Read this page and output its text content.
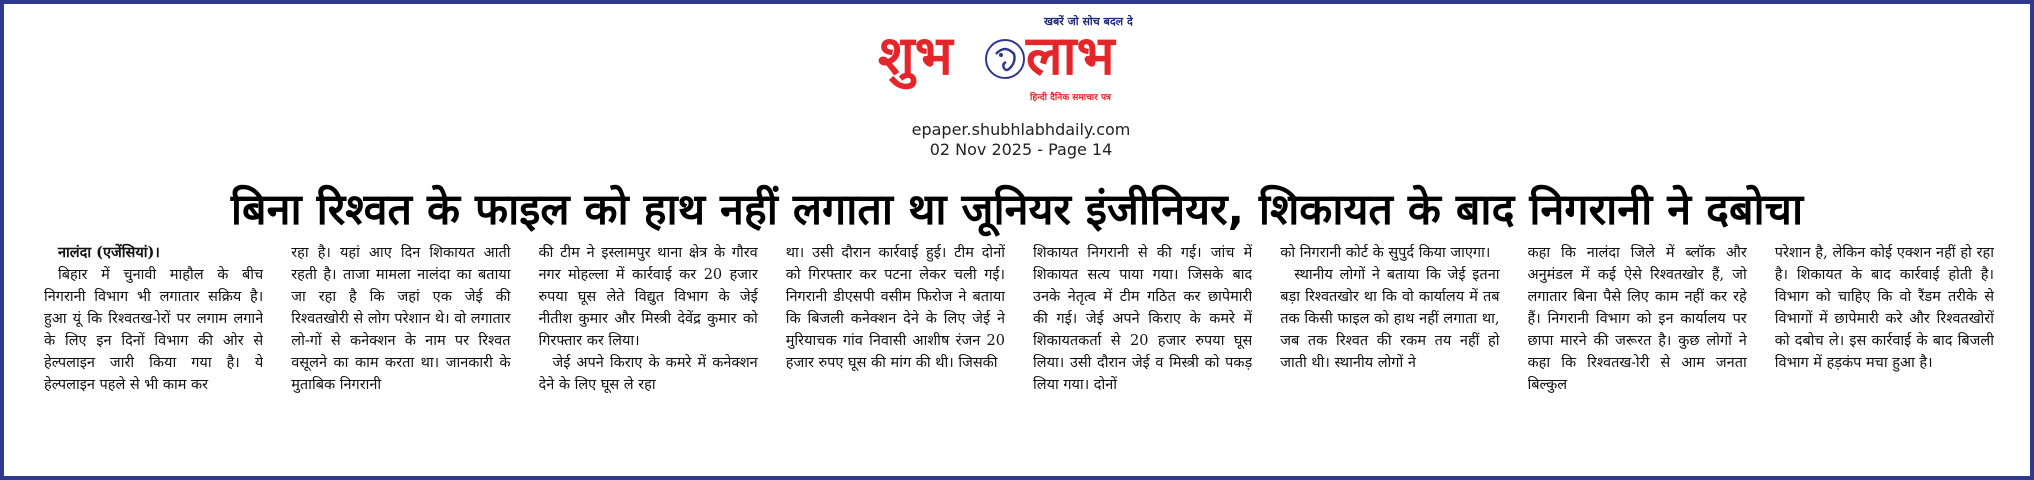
खबरें जो सोच बदल दे
शुभ लाभ
हिन्दी दैनिक समाचार पत्र
epaper.shubhlabhdaily.com
02 Nov 2025 - Page 14
बिना रिश्वत के फाइल को हाथ नहीं लगाता था जूनियर इंजीनियर, शिकायत के बाद निगरानी ने दबोचा

नालंदा (एजेंसियां)।

बिहार में चुनावी माहौल के बीच निगरानी विभाग भी लगातार सक्रिय है। हुआ यूं कि रिश्वतख-ोरों पर लगाम लगाने के लिए इन दिनों विभाग की ओर से हेल्पलाइन जारी किया गया है। ये हेल्पलाइन पहले से भी काम कर

रहा है। यहां आए दिन शिकायत आती रहती है। ताजा मामला नालंदा का बताया जा रहा है कि जहां एक जेई की रिश्वतखोरी से लोग परेशान थे। वो लगातार लो-गों से कनेक्शन के नाम पर रिश्वत वसूलने का काम करता था। जानकारी के मुताबिक निगरानी

की टीम ने इस्लामपुर थाना क्षेत्र के गौरव नगर मोहल्ला में कार्रवाई कर 20 हजार रुपया घूस लेते विद्युत विभाग के जेई नीतीश कुमार और मिस्त्री देवेंद्र कुमार को गिरफ्तार कर लिया।

जेई अपने किराए के कमरे में कनेक्शन देने के लिए घूस ले रहा

था। उसी दौरान कार्रवाई हुई। टीम दोनों को गिरफ्तार कर पटना लेकर चली गई। निगरानी डीएसपी वसीम फिरोज ने बताया कि बिजली कनेक्शन देने के लिए जेई ने मुरियाचक गांव निवासी आशीष रंजन 20 हजार रुपए घूस की मांग की थी। जिसकी

शिकायत निगरानी से की गई। जांच में शिकायत सत्य पाया गया। जिसके बाद उनके नेतृत्व में टीम गठित कर छापेमारी की गई। जेई अपने किराए के कमरे में शिकायतकर्ता से 20 हजार रुपया घूस लिया। उसी दौरान जेई व मिस्त्री को पकड़ लिया गया। दोनों

को निगरानी कोर्ट के सुपुर्द किया जाएगा।

स्थानीय लोगों ने बताया कि जेई इतना बड़ा रिश्वतखोर था कि वो कार्यालय में तब तक किसी फाइल को हाथ नहीं लगाता था, जब तक रिश्वत की रकम तय नहीं हो जाती थी। स्थानीय लोगों ने

कहा कि नालंदा जिले में ब्लॉक और अनुमंडल में कई ऐसे रिश्वतखोर हैं, जो लगातार बिना पैसे लिए काम नहीं कर रहे हैं। निगरानी विभाग को इन कार्यालय पर छापा मारने की जरूरत है। कुछ लोगों ने कहा कि रिश्वतख-ोरी से आम जनता बिल्कुल

परेशान है, लेकिन कोई एक्शन नहीं हो रहा है। शिकायत के बाद कार्रवाई होती है। विभाग को चाहिए कि वो रैंडम तरीके से विभागों में छापेमारी करे और रिश्वतखोरों को दबोच ले। इस कार्रवाई के बाद बिजली विभाग में हड़कंप मचा हुआ है।
